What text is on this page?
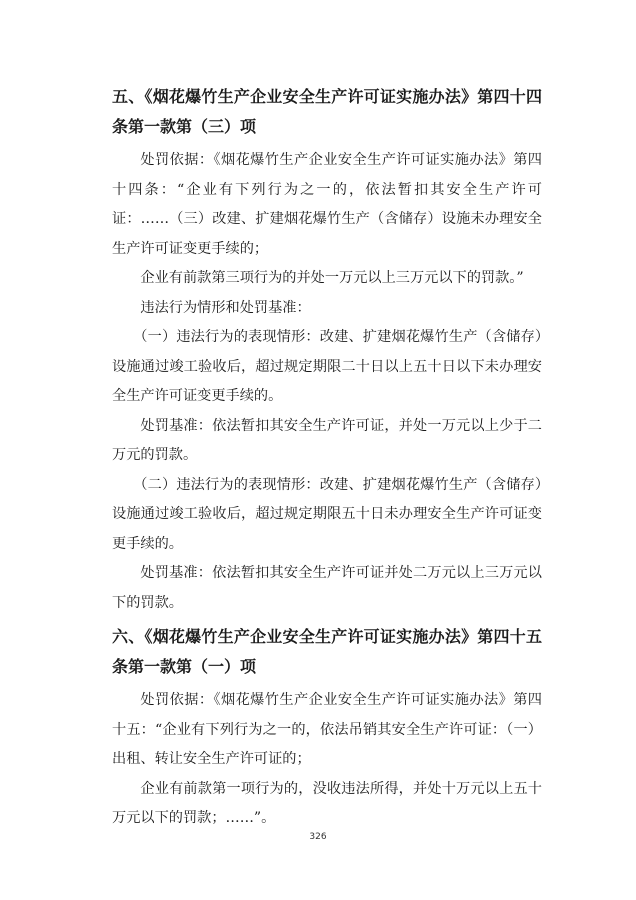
五、《烟花爆竹生产企业安全生产许可证实施办法》第四十四条第一款第（三）项

处罚依据：《烟花爆竹生产企业安全生产许可证实施办法》第四十四条：“企业有下列行为之一的，依法暂扣其安全生产许可证：……（三）改建、扩建烟花爆竹生产（含储存）设施未办理安全生产许可证变更手续的；

企业有前款第三项行为的并处一万元以上三万元以下的罚款。”

违法行为情形和处罚基准：

（一）违法行为的表现情形：改建、扩建烟花爆竹生产（含储存）设施通过竣工验收后，超过规定期限二十日以上五十日以下未办理安全生产许可证变更手续的。

处罚基准：依法暂扣其安全生产许可证，并处一万元以上少于二万元的罚款。

（二）违法行为的表现情形：改建、扩建烟花爆竹生产（含储存）设施通过竣工验收后，超过规定期限五十日未办理安全生产许可证变更手续的。

处罚基准：依法暂扣其安全生产许可证并处二万元以上三万元以下的罚款。

六、《烟花爆竹生产企业安全生产许可证实施办法》第四十五条第一款第（一）项

处罚依据：《烟花爆竹生产企业安全生产许可证实施办法》第四十五：“企业有下列行为之一的，依法吊销其安全生产许可证：（一）出租、转让安全生产许可证的；

企业有前款第一项行为的，没收违法所得，并处十万元以上五十万元以下的罚款；……”。

326
